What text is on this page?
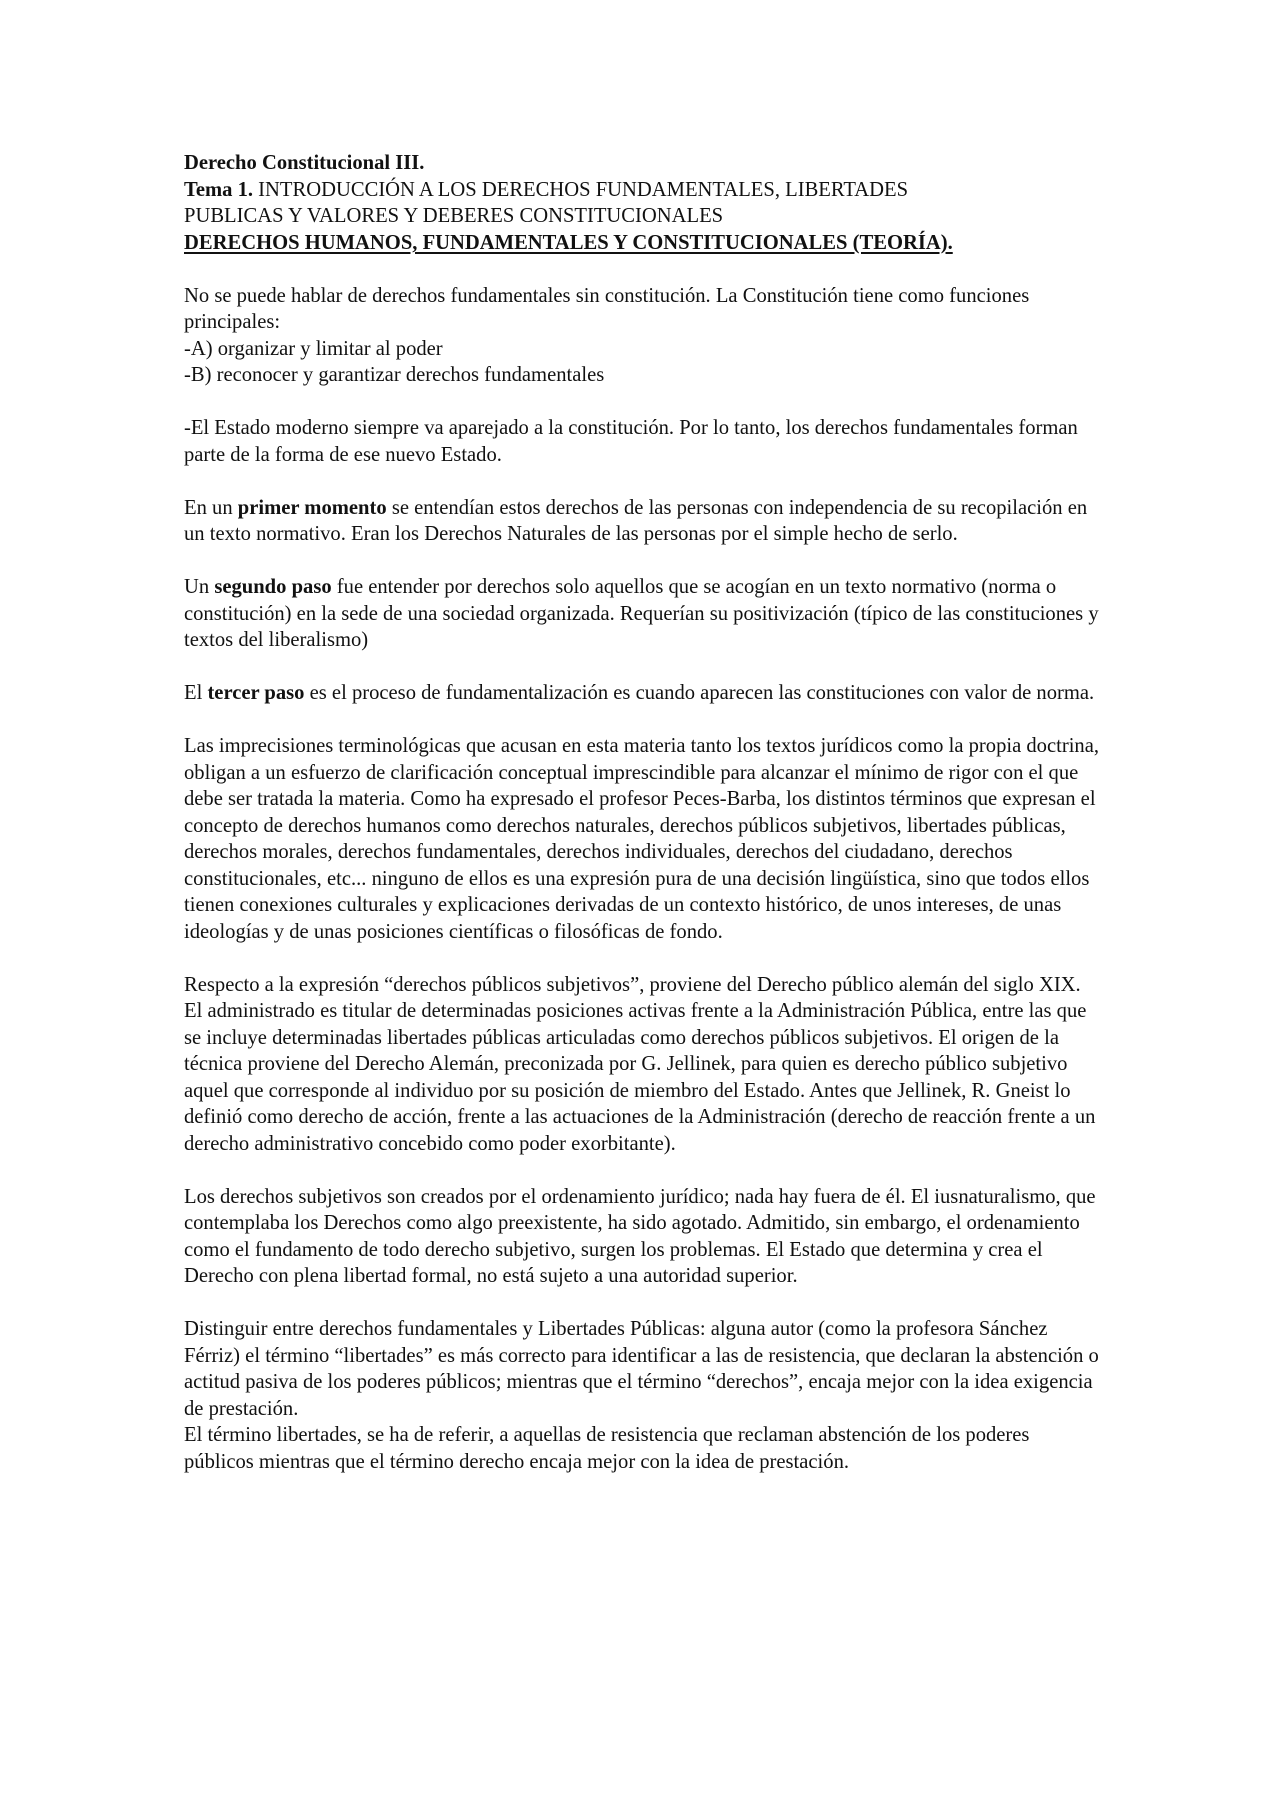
Derecho Constitucional III.

Tema 1. INTRODUCCIÓN A LOS DERECHOS FUNDAMENTALES, LIBERTADES

PUBLICAS Y VALORES Y DEBERES CONSTITUCIONALES

DERECHOS HUMANOS, FUNDAMENTALES Y CONSTITUCIONALES (TEORÍA).

No se puede hablar de derechos fundamentales sin constitución. La Constitución tiene como funciones principales:
-A) organizar y limitar al poder
-B) reconocer y garantizar derechos fundamentales

-El Estado moderno siempre va aparejado a la constitución. Por lo tanto, los derechos fundamentales forman parte de la forma de ese nuevo Estado.

En un primer momento se entendían estos derechos de las personas con independencia de su recopilación en un texto normativo. Eran los Derechos Naturales de las personas por el simple hecho de serlo.

Un segundo paso fue entender por derechos solo aquellos que se acogían en un texto normativo (norma o constitución) en la sede de una sociedad organizada. Requerían su positivización (típico de las constituciones y textos del liberalismo)

El tercer paso es el proceso de fundamentalización es cuando aparecen las constituciones con valor de norma.

Las imprecisiones terminológicas que acusan en esta materia tanto los textos jurídicos como la propia doctrina, obligan a un esfuerzo de clarificación conceptual imprescindible para alcanzar el mínimo de rigor con el que debe ser tratada la materia. Como ha expresado el profesor Peces-Barba, los distintos términos que expresan el concepto de derechos humanos como derechos naturales, derechos públicos subjetivos, libertades públicas, derechos morales, derechos fundamentales, derechos individuales, derechos del ciudadano, derechos constitucionales, etc... ninguno de ellos es una expresión pura de una decisión lingüística, sino que todos ellos tienen conexiones culturales y explicaciones derivadas de un contexto histórico, de unos intereses, de unas ideologías y de unas posiciones científicas o filosóficas de fondo.

Respecto a la expresión “derechos públicos subjetivos”, proviene del Derecho público alemán del siglo XIX. El administrado es titular de determinadas posiciones activas frente a la Administración Pública, entre las que se incluye determinadas libertades públicas articuladas como derechos públicos subjetivos. El origen de la técnica proviene del Derecho Alemán, preconizada por G. Jellinek, para quien es derecho público subjetivo aquel que corresponde al individuo por su posición de miembro del Estado. Antes que Jellinek, R. Gneist lo definió como derecho de acción, frente a las actuaciones de la Administración (derecho de reacción frente a un derecho administrativo concebido como poder exorbitante).

Los derechos subjetivos son creados por el ordenamiento jurídico; nada hay fuera de él. El iusnaturalismo, que contemplaba los Derechos como algo preexistente, ha sido agotado. Admitido, sin embargo, el ordenamiento como el fundamento de todo derecho subjetivo, surgen los problemas. El Estado que determina y crea el Derecho con plena libertad formal, no está sujeto a una autoridad superior.

Distinguir entre derechos fundamentales y Libertades Públicas: alguna autor (como la profesora Sánchez Férriz) el término “libertades” es más correcto para identificar a las de resistencia, que declaran la abstención o actitud pasiva de los poderes públicos; mientras que el término “derechos”, encaja mejor con la idea exigencia de prestación.

El término libertades, se ha de referir, a aquellas de resistencia que reclaman abstención de los poderes públicos mientras que el término derecho encaja mejor con la idea de prestación.
